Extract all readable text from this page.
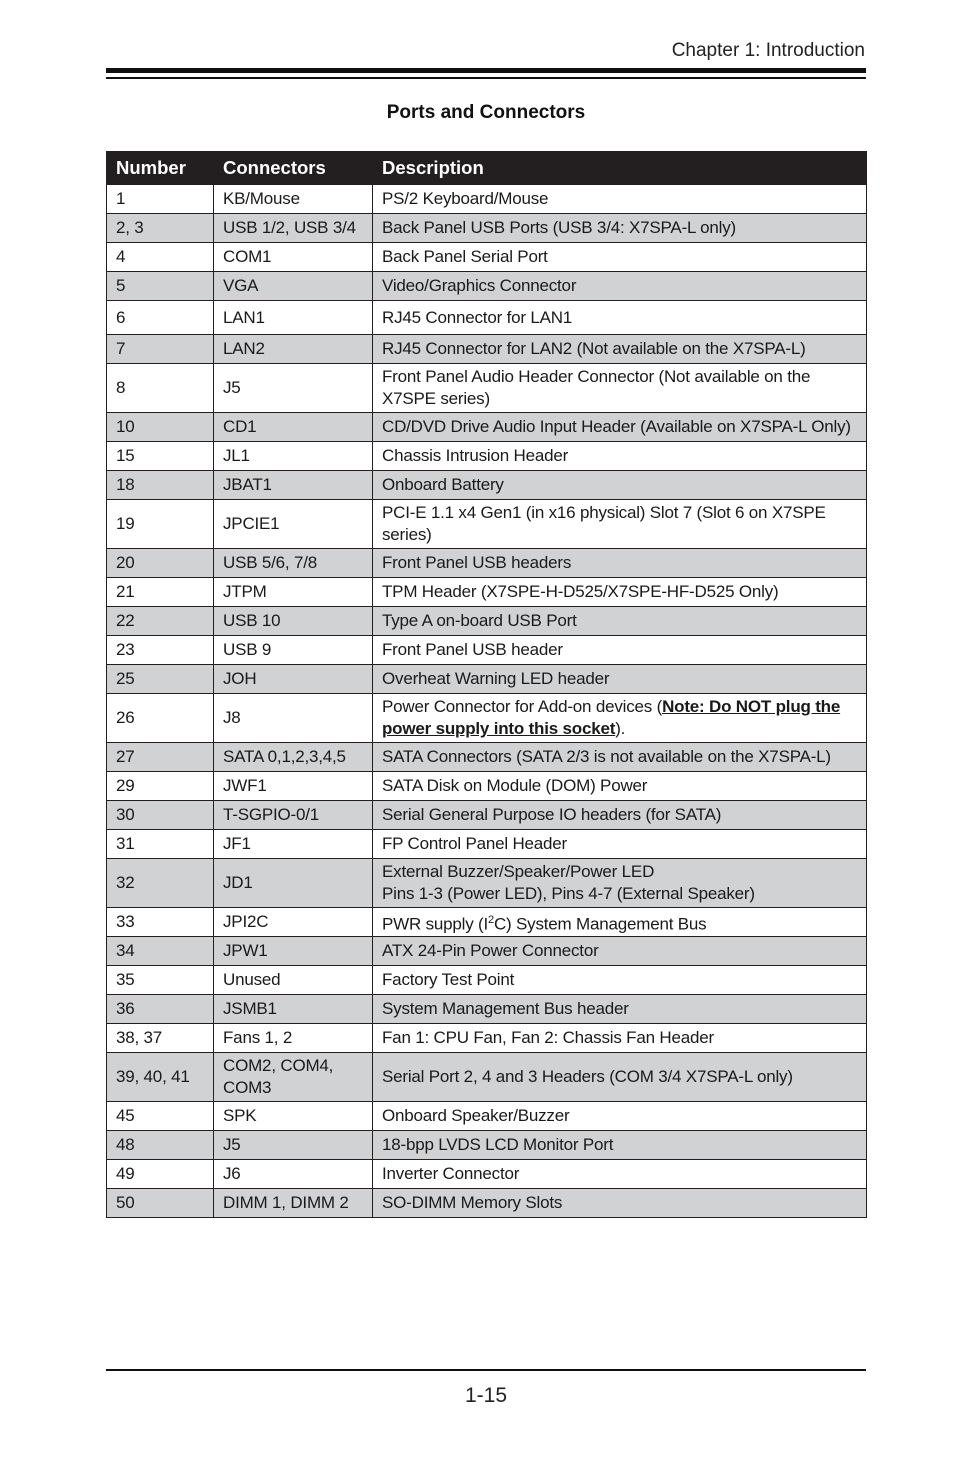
Chapter 1: Introduction
Ports and Connectors
Number	Connectors	Description
1	KB/Mouse	PS/2 Keyboard/Mouse
2, 3	USB 1/2, USB 3/4	Back Panel USB Ports (USB 3/4: X7SPA-L only)
4	COM1	Back Panel Serial Port
5	VGA	Video/Graphics Connector
6	LAN1	RJ45 Connector for LAN1
7	LAN2	RJ45 Connector for LAN2 (Not available on the X7SPA-L)
8	J5	Front Panel Audio Header Connector (Not available on the X7SPE series)
10	CD1	CD/DVD Drive Audio Input Header (Available on X7SPA-L Only)
15	JL1	Chassis Intrusion Header
18	JBAT1	Onboard Battery
19	JPCIE1	PCI-E 1.1 x4 Gen1 (in x16 physical) Slot 7 (Slot 6 on X7SPE series)
20	USB 5/6, 7/8	Front Panel USB headers
21	JTPM	TPM Header (X7SPE-H-D525/X7SPE-HF-D525 Only)
22	USB 10	Type A on-board USB Port
23	USB 9	Front Panel USB header
25	JOH	Overheat Warning LED header
26	J8	Power Connector for Add-on devices (Note: Do NOT plug the power supply into this socket).
27	SATA 0,1,2,3,4,5	SATA Connectors (SATA 2/3 is not available on the X7SPA-L)
29	JWF1	SATA Disk on Module (DOM) Power
30	T-SGPIO-0/1	Serial General Purpose IO headers (for SATA)
31	JF1	FP Control Panel Header
32	JD1	External Buzzer/Speaker/Power LED
Pins 1-3 (Power LED), Pins 4-7 (External Speaker)
33	JPI2C	PWR supply $(I^2C)$ System Management Bus
34	JPW1	ATX 24-Pin Power Connector
35	Unused	Factory Test Point
36	JSMB1	System Management Bus header
38, 37	Fans 1, 2	Fan 1: CPU Fan, Fan 2: Chassis Fan Header
39, 40, 41	COM2, COM4, COM3	Serial Port 2, 4 and 3 Headers (COM 3/4 X7SPA-L only)
45	SPK	Onboard Speaker/Buzzer
48	J5	18-bpp LVDS LCD Monitor Port
49	J6	Inverter Connector
50	DIMM 1, DIMM 2	SO-DIMM Memory Slots
1-15
